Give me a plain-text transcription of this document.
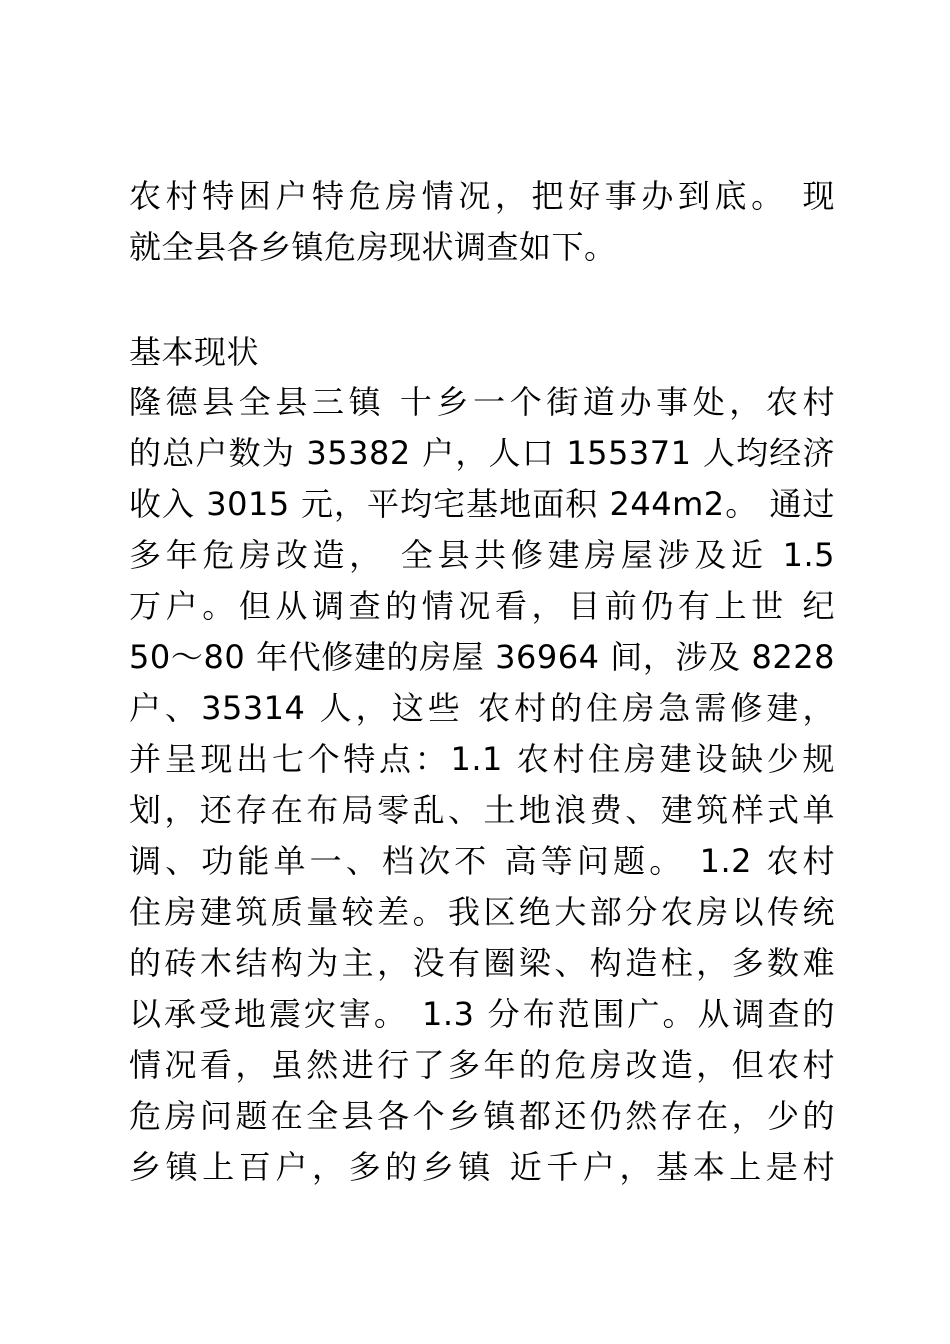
农村特困户特危房情况，把好事办到底。 现
就全县各乡镇危房现状调查如下。
基本现状
隆德县全县三镇 十乡一个街道办事处，农村
的总户数为 35382 户，人口 155371 人均经济
收入 3015 元，平均宅基地面积 244m2。 通过
多年危房改造， 全县共修建房屋涉及近 1.5
万户。但从调查的情况看，目前仍有上世 纪
50～80 年代修建的房屋 36964 间，涉及 8228
户、35314 人，这些 农村的住房急需修建，
并呈现出七个特点：1.1 农村住房建设缺少规
划，还存在布局零乱、土地浪费、建筑样式单
调、功能单一、档次不 高等问题。 1.2 农村
住房建筑质量较差。我区绝大部分农房以传统
的砖木结构为主，没有圈梁、构造柱，多数难
以承受地震灾害。 1.3 分布范围广。从调查的
情况看，虽然进行了多年的危房改造，但农村
危房问题在全县各个乡镇都还仍然存在，少的
乡镇上百户，多的乡镇 近千户，基本上是村
